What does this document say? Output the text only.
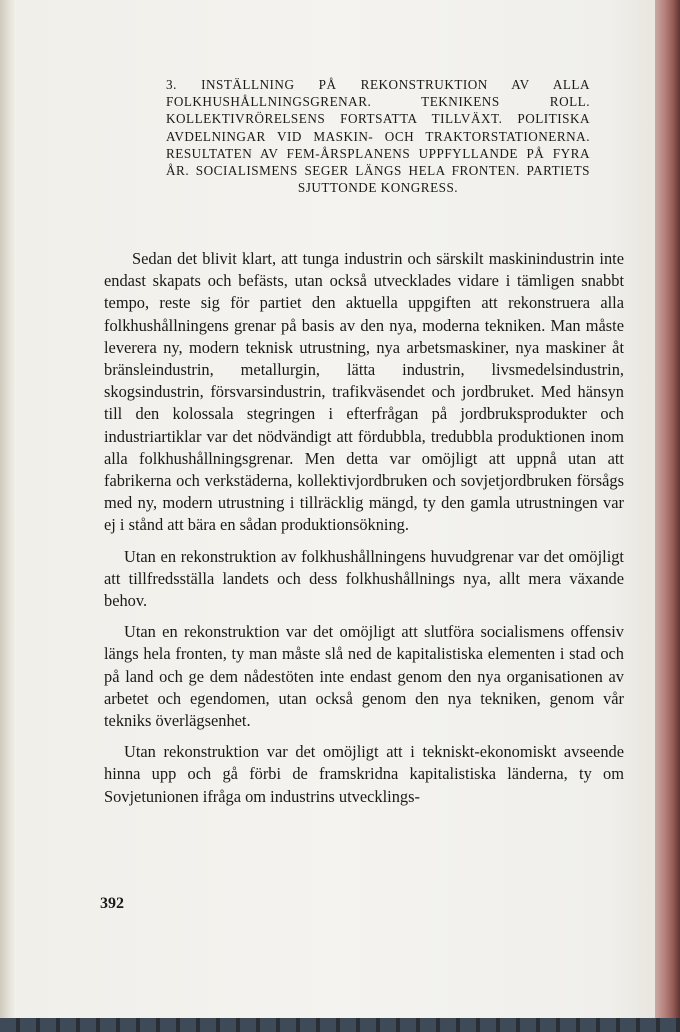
3. INSTÄLLNING PÅ REKONSTRUKTION AV ALLA FOLKHUSHÅLLNINGSGRENAR. TEKNIKENS ROLL. KOLLEKTIVRÖRELSENS FORTSATTA TILLVÄXT. POLITISKA AVDELNINGAR VID MASKIN- OCH TRAKTORSTATIONERNA. RESULTATEN AV FEM-ÅRSPLANENS UPPFYLLANDE PÅ FYRA ÅR. SOCIALISMENS SEGER LÄNGS HELA FRONTEN. PARTIETS SJUTTONDE KONGRESS.

Sedan det blivit klart, att tunga industrin och särskilt maskinindustrin inte endast skapats och befästs, utan också utvecklades vidare i tämligen snabbt tempo, reste sig för partiet den aktuella uppgiften att rekonstruera alla folkhushållningens grenar på basis av den nya, moderna tekniken. Man måste leverera ny, modern teknisk utrustning, nya arbetsmaskiner, nya maskiner åt bränsleindustrin, metallurgin, lätta industrin, livsmedelsindustrin, skogsindustrin, försvarsindustrin, trafikväsendet och jordbruket. Med hänsyn till den kolossala stegringen i efterfrågan på jordbruksprodukter och industriartiklar var det nödvändigt att fördubbla, tredubbla produktionen inom alla folkhushållningsgrenar. Men detta var omöjligt att uppnå utan att fabrikerna och verkstäderna, kollektivjordbruken och sovjetjordbruken försågs med ny, modern utrustning i tillräcklig mängd, ty den gamla utrustningen var ej i stånd att bära en sådan produktionsökning.

Utan en rekonstruktion av folkhushållningens huvudgrenar var det omöjligt att tillfredsställa landets och dess folkhushållnings nya, allt mera växande behov.

Utan en rekonstruktion var det omöjligt att slutföra socialismens offensiv längs hela fronten, ty man måste slå ned de kapitalistiska elementen i stad och på land och ge dem nådestöten inte endast genom den nya organisationen av arbetet och egendomen, utan också genom den nya tekniken, genom vår tekniks överlägsenhet.

Utan rekonstruktion var det omöjligt att i tekniskt-ekonomiskt avseende hinna upp och gå förbi de framskridna kapitalistiska länderna, ty om Sovjetunionen ifråga om industrins utvecklings-

392
